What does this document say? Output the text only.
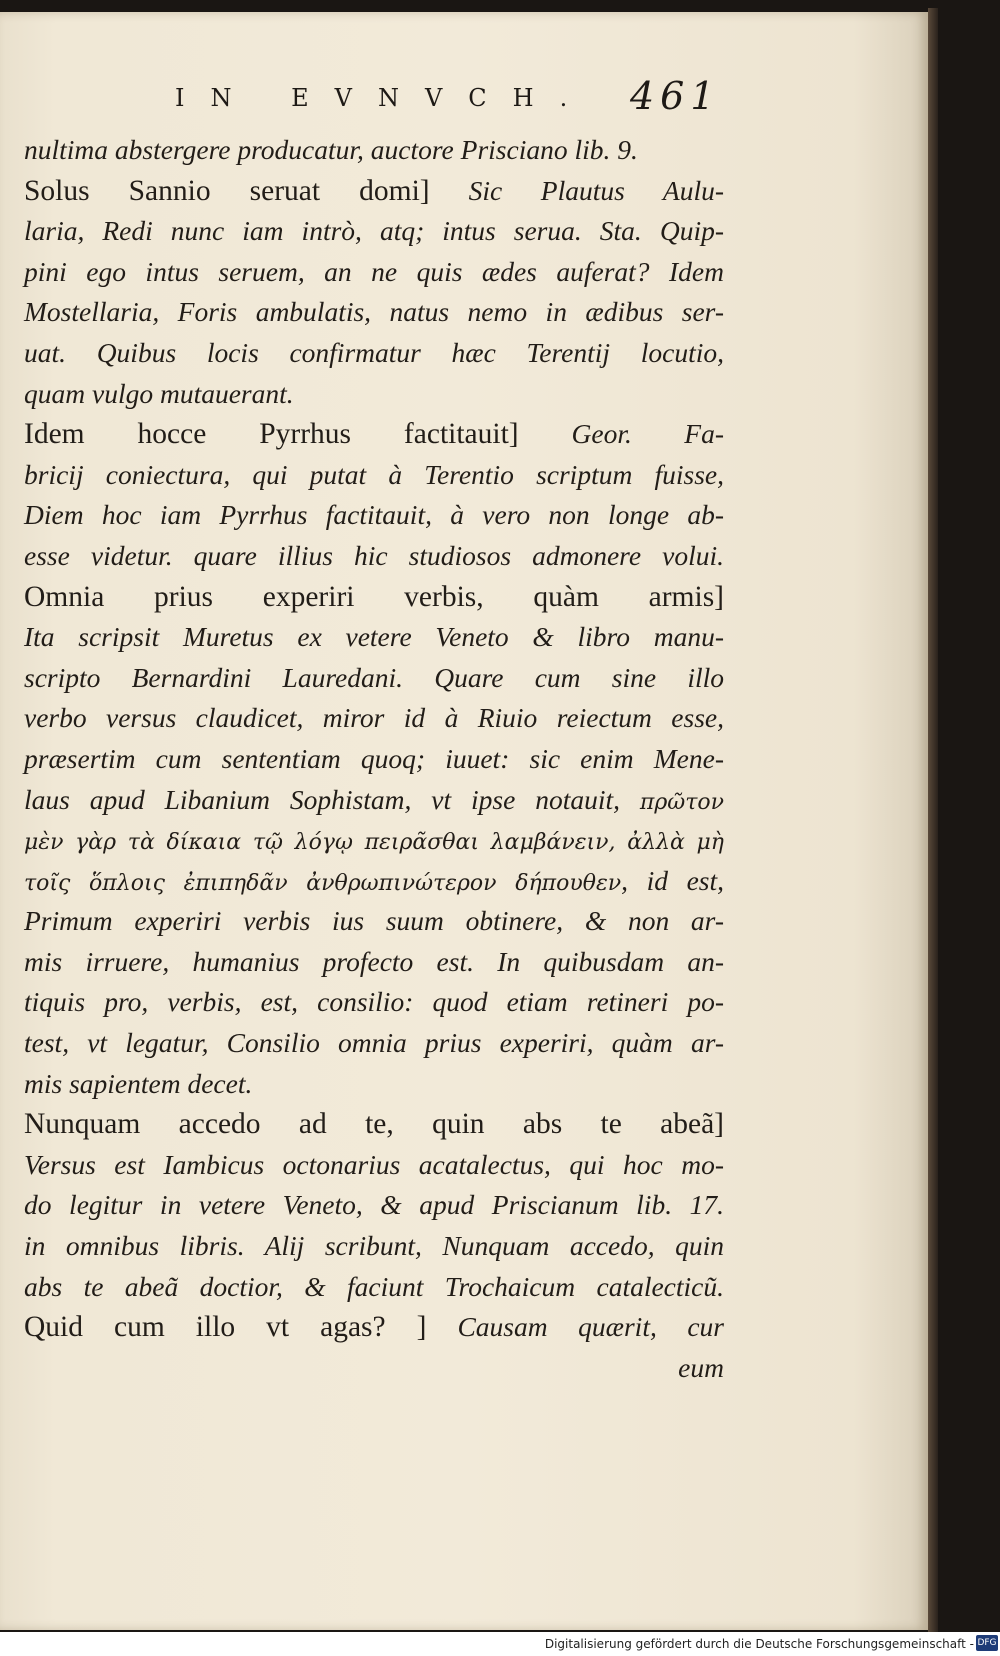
IN EVNVCH. 461
nultima abstergere producatur, auctore Prisciano lib. 9.
Solus Sannio seruat domi] Sic Plautus Aulu-
laria, Redi nunc iam intrò, atq; intus serua. Sta. Quip-
pini ego intus seruem, an ne quis ædes auferat? Idem
Mostellaria, Foris ambulatis, natus nemo in ædibus ser-
uat. Quibus locis confirmatur hæc Terentij locutio,
quam vulgo mutauerant.
Idem hocce Pyrrhus factitauit] Geor. Fa-
bricij coniectura, qui putat à Terentio scriptum fuisse,
Diem hoc iam Pyrrhus factitauit, à vero non longe ab-
esse videtur. quare illius hic studiosos admonere volui.
Omnia prius experiri verbis, quàm armis]
Ita scripsit Muretus ex vetere Veneto & libro manu-
scripto Bernardini Lauredani. Quare cum sine illo
verbo versus claudicet, miror id à Riuio reiectum esse,
præsertim cum sententiam quoq; iuuet: sic enim Mene-
laus apud Libanium Sophistam, vt ipse notauit, πρῶτον
μὲν γὰρ τὰ δίκαια τῷ λόγῳ πειρᾶσθαι λαμβάνειν, ἀλλὰ μὴ
τοῖς ὅπλοις ἐπιπηδᾶν ἀνθρωπινώτερον δήπουθεν, id est,
Primum experiri verbis ius suum obtinere, & non ar-
mis irruere, humanius profecto est. In quibusdam an-
tiquis pro, verbis, est, consilio: quod etiam retineri po-
test, vt legatur, Consilio omnia prius experiri, quàm ar-
mis sapientem decet.
Nunquam accedo ad te, quin abs te abeã]
Versus est Iambicus octonarius acatalectus, qui hoc mo-
do legitur in vetere Veneto, & apud Priscianum lib. 17.
in omnibus libris. Alij scribunt, Nunquam accedo, quin
abs te abeã doctior, & faciunt Trochaicum catalecticũ.
Quid cum illo vt agas? ] Causam quærit, cur
eum
Digitalisierung gefördert durch die Deutsche Forschungsgemeinschaft - DFG
